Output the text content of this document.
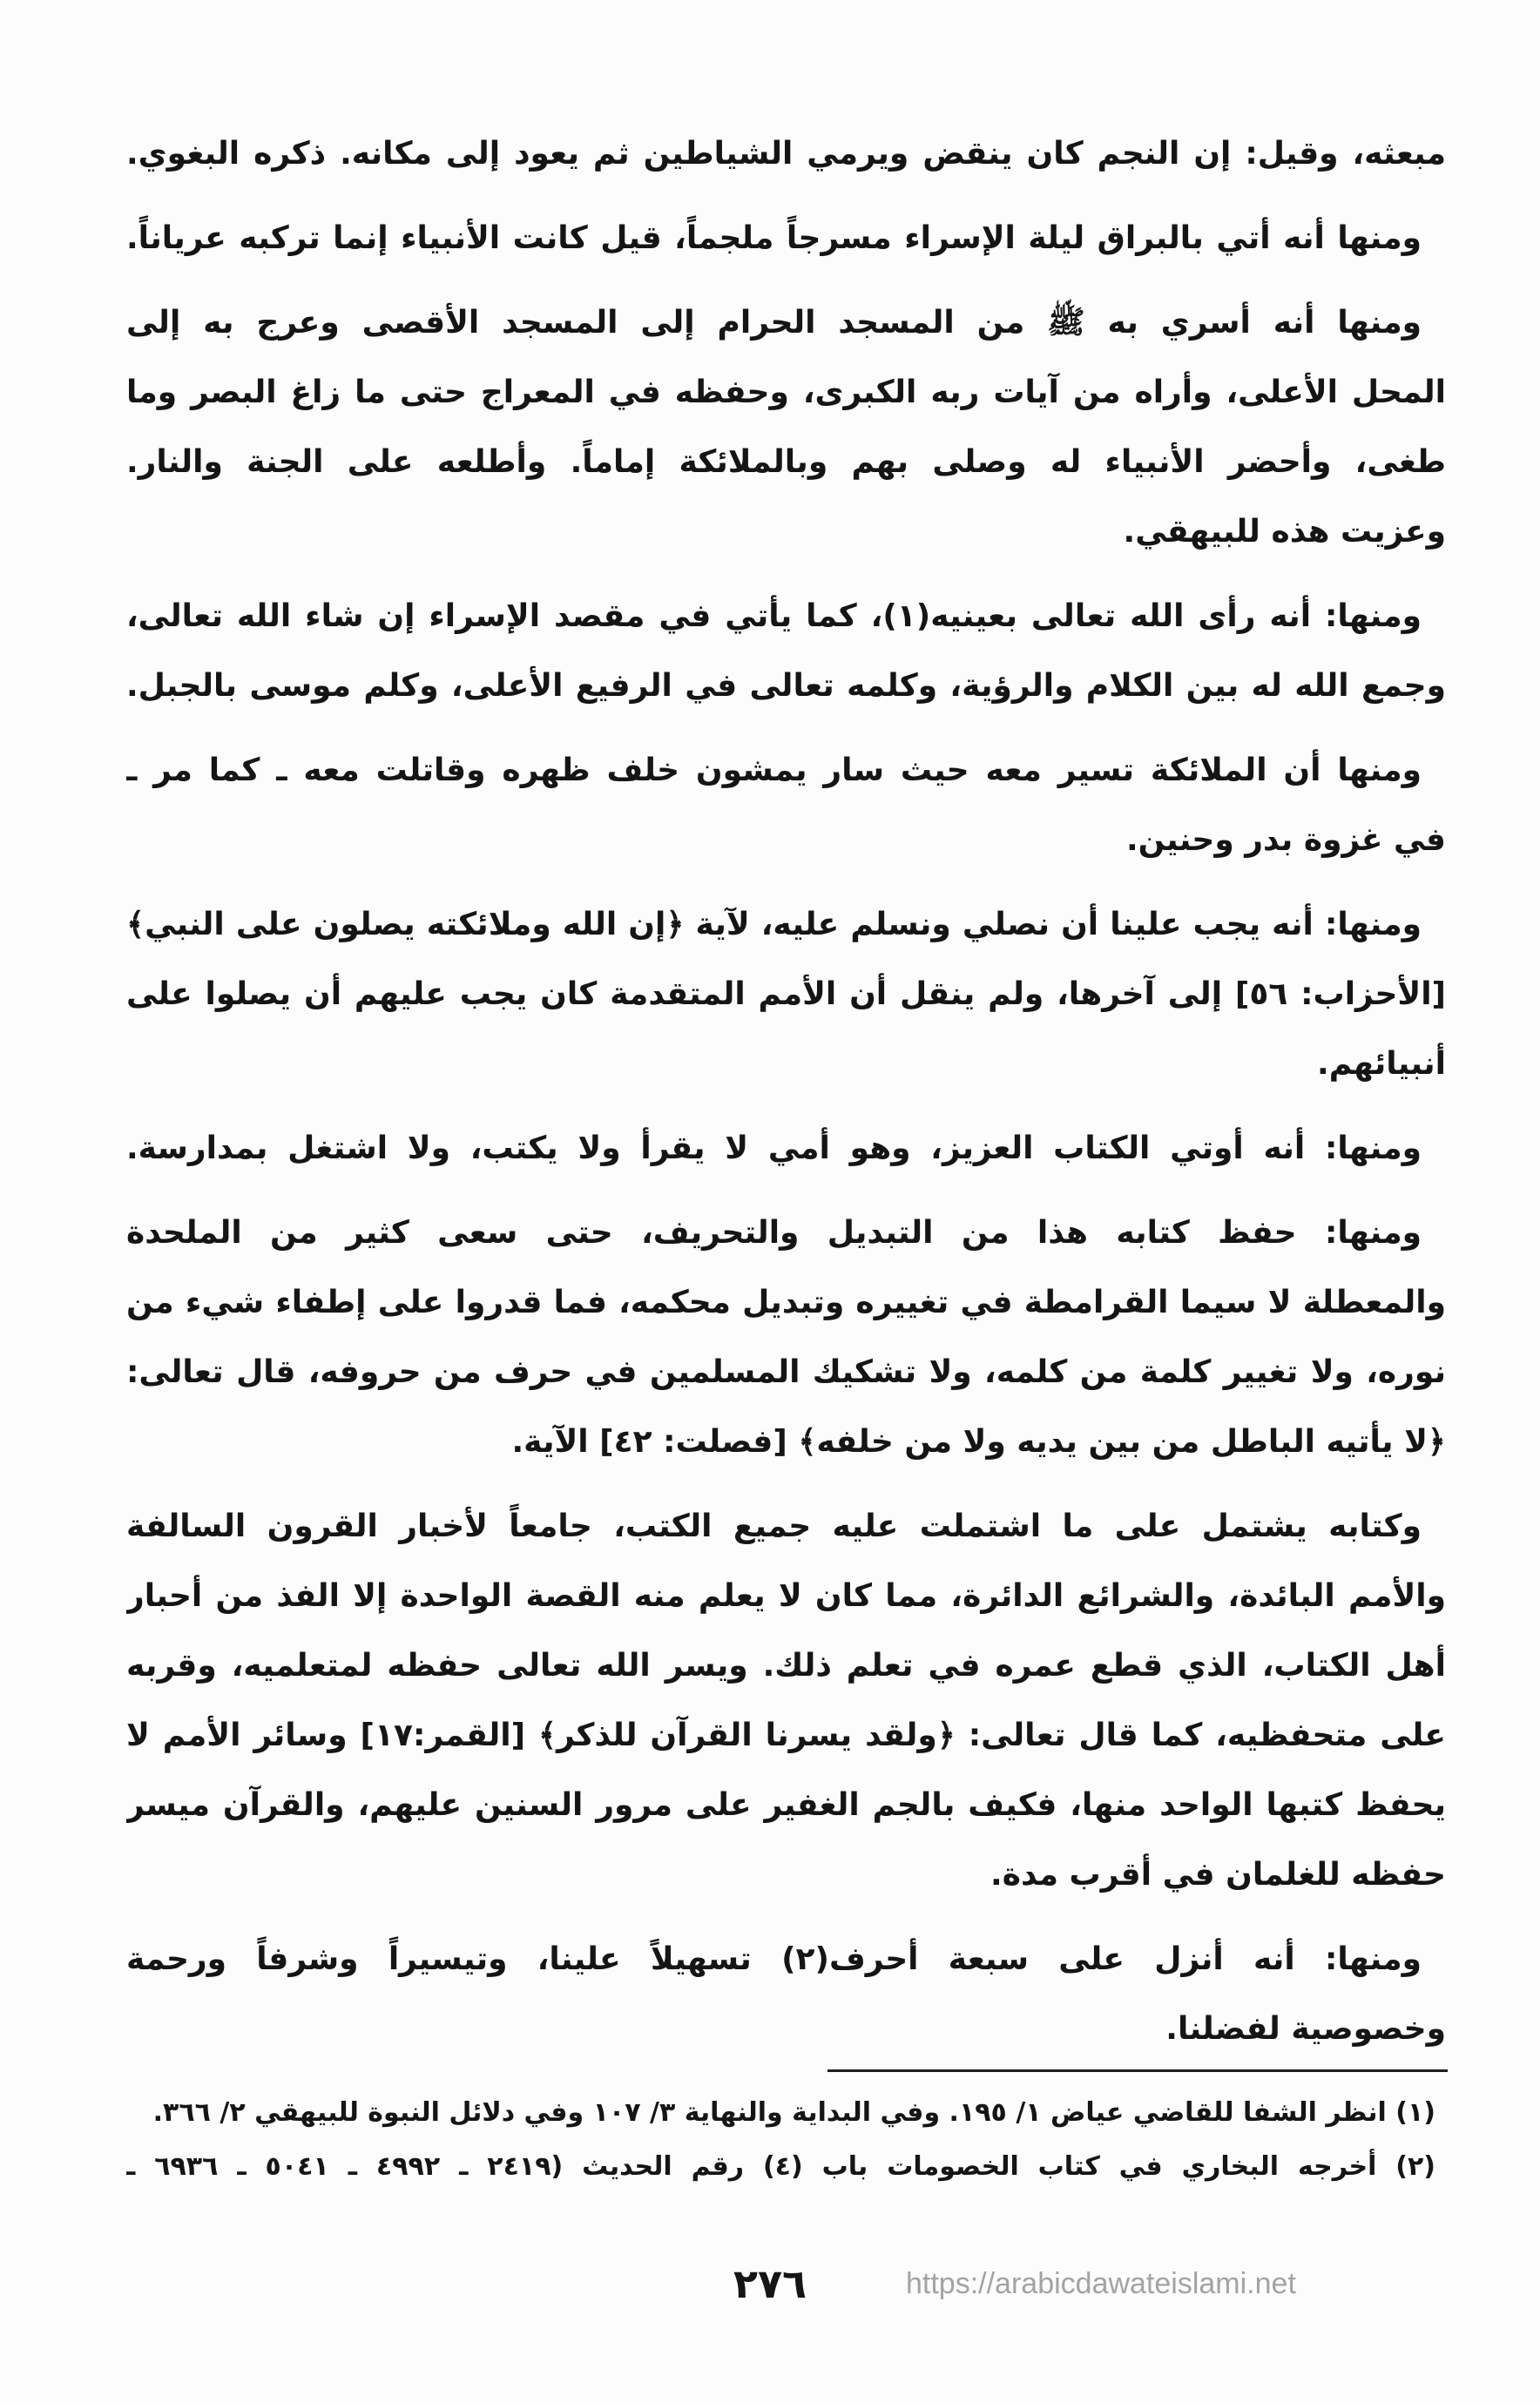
مبعثه، وقيل: إن النجم كان ينقض ويرمي الشياطين ثم يعود إلى مكانه. ذكره البغوي.
ومنها أنه أتي بالبراق ليلة الإسراء مسرجاً ملجماً، قيل كانت الأنبياء إنما تركبه عرياناً.
ومنها أنه أسري به ﷺ من المسجد الحرام إلى المسجد الأقصى وعرج به إلى
المحل الأعلى، وأراه من آيات ربه الكبرى، وحفظه في المعراج حتى ما زاغ البصر وما
طغى، وأحضر الأنبياء له وصلى بهم وبالملائكة إماماً. وأطلعه على الجنة والنار.
وعزيت هذه للبيهقي.
ومنها: أنه رأى الله تعالى بعينيه(١)، كما يأتي في مقصد الإسراء إن شاء الله تعالى،
وجمع الله له بين الكلام والرؤية، وكلمه تعالى في الرفيع الأعلى، وكلم موسى بالجبل.
ومنها أن الملائكة تسير معه حيث سار يمشون خلف ظهره وقاتلت معه ـ كما مر ـ
في غزوة بدر وحنين.
ومنها: أنه يجب علينا أن نصلي ونسلم عليه، لآية ﴿إن الله وملائكته يصلون على النبي﴾
[الأحزاب: ٥٦] إلى آخرها، ولم ينقل أن الأمم المتقدمة كان يجب عليهم أن يصلوا على
أنبيائهم.
ومنها: أنه أوتي الكتاب العزيز، وهو أمي لا يقرأ ولا يكتب، ولا اشتغل بمدارسة.
ومنها: حفظ كتابه هذا من التبديل والتحريف، حتى سعى كثير من الملحدة
والمعطلة لا سيما القرامطة في تغييره وتبديل محكمه، فما قدروا على إطفاء شيء من
نوره، ولا تغيير كلمة من كلمه، ولا تشكيك المسلمين في حرف من حروفه، قال تعالى:
﴿لا يأتيه الباطل من بين يديه ولا من خلفه﴾ [فصلت: ٤٢] الآية.
وكتابه يشتمل على ما اشتملت عليه جميع الكتب، جامعاً لأخبار القرون السالفة
والأمم البائدة، والشرائع الدائرة، مما كان لا يعلم منه القصة الواحدة إلا الفذ من أحبار
أهل الكتاب، الذي قطع عمره في تعلم ذلك. ويسر الله تعالى حفظه لمتعلميه، وقربه
على متحفظيه، كما قال تعالى: ﴿ولقد يسرنا القرآن للذكر﴾ [القمر:١٧] وسائر الأمم لا
يحفظ كتبها الواحد منها، فكيف بالجم الغفير على مرور السنين عليهم، والقرآن ميسر
حفظه للغلمان في أقرب مدة.
ومنها: أنه أنزل على سبعة أحرف(٢) تسهيلاً علينا، وتيسيراً وشرفاً ورحمة
وخصوصية لفضلنا.
(١) انظر الشفا للقاضي عياض ١/ ١٩٥. وفي البداية والنهاية ٣/ ١٠٧ وفي دلائل النبوة للبيهقي ٢/ ٣٦٦.
(٢) أخرجه البخاري في كتاب الخصومات باب (٤) رقم الحديث (٢٤١٩ ـ ٤٩٩٢ ـ ٥٠٤١ ـ ٦٩٣٦ ـ
٢٧٦	https://arabicdawateislami.net
